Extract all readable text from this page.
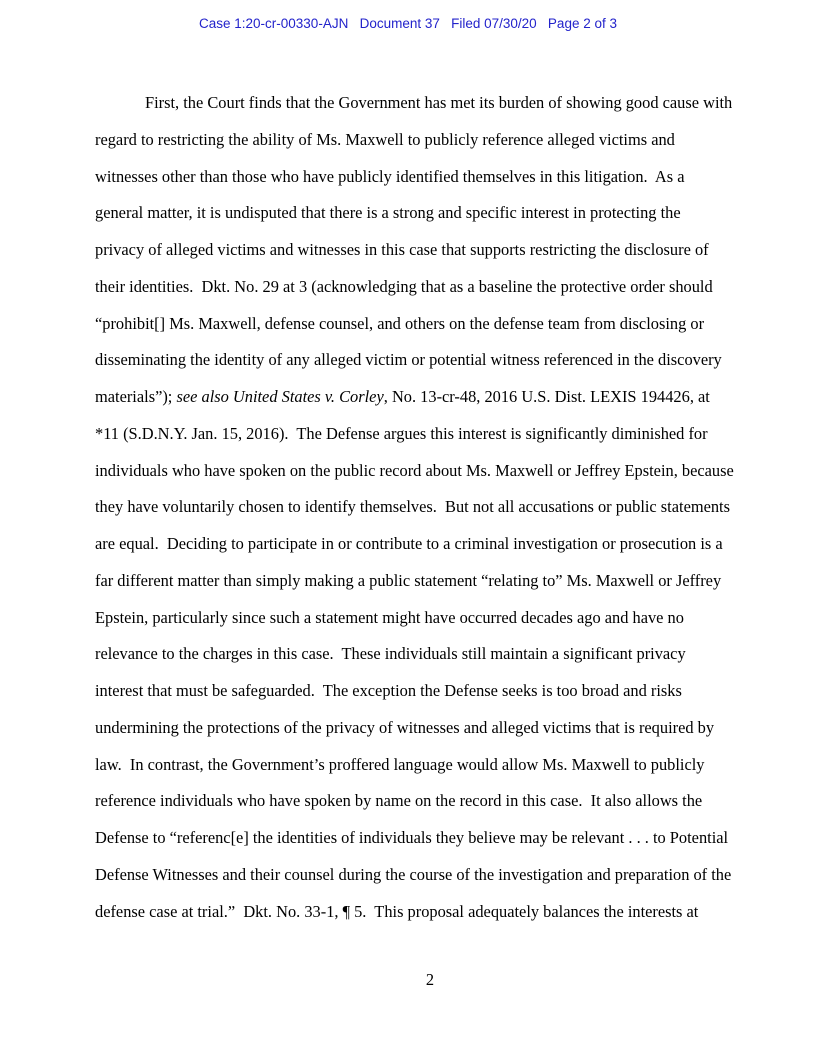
Case 1:20-cr-00330-AJN   Document 37   Filed 07/30/20   Page 2 of 3
First, the Court finds that the Government has met its burden of showing good cause with
regard to restricting the ability of Ms. Maxwell to publicly reference alleged victims and
witnesses other than those who have publicly identified themselves in this litigation.  As a
general matter, it is undisputed that there is a strong and specific interest in protecting the
privacy of alleged victims and witnesses in this case that supports restricting the disclosure of
their identities.  Dkt. No. 29 at 3 (acknowledging that as a baseline the protective order should
“prohibit[] Ms. Maxwell, defense counsel, and others on the defense team from disclosing or
disseminating the identity of any alleged victim or potential witness referenced in the discovery
materials”); see also United States v. Corley, No. 13-cr-48, 2016 U.S. Dist. LEXIS 194426, at
*11 (S.D.N.Y. Jan. 15, 2016).  The Defense argues this interest is significantly diminished for
individuals who have spoken on the public record about Ms. Maxwell or Jeffrey Epstein, because
they have voluntarily chosen to identify themselves.  But not all accusations or public statements
are equal.  Deciding to participate in or contribute to a criminal investigation or prosecution is a
far different matter than simply making a public statement “relating to” Ms. Maxwell or Jeffrey
Epstein, particularly since such a statement might have occurred decades ago and have no
relevance to the charges in this case.  These individuals still maintain a significant privacy
interest that must be safeguarded.  The exception the Defense seeks is too broad and risks
undermining the protections of the privacy of witnesses and alleged victims that is required by
law.  In contrast, the Government’s proffered language would allow Ms. Maxwell to publicly
reference individuals who have spoken by name on the record in this case.  It also allows the
Defense to “referenc[e] the identities of individuals they believe may be relevant . . . to Potential
Defense Witnesses and their counsel during the course of the investigation and preparation of the
defense case at trial.”  Dkt. No. 33-1, ¶ 5.  This proposal adequately balances the interests at
2
